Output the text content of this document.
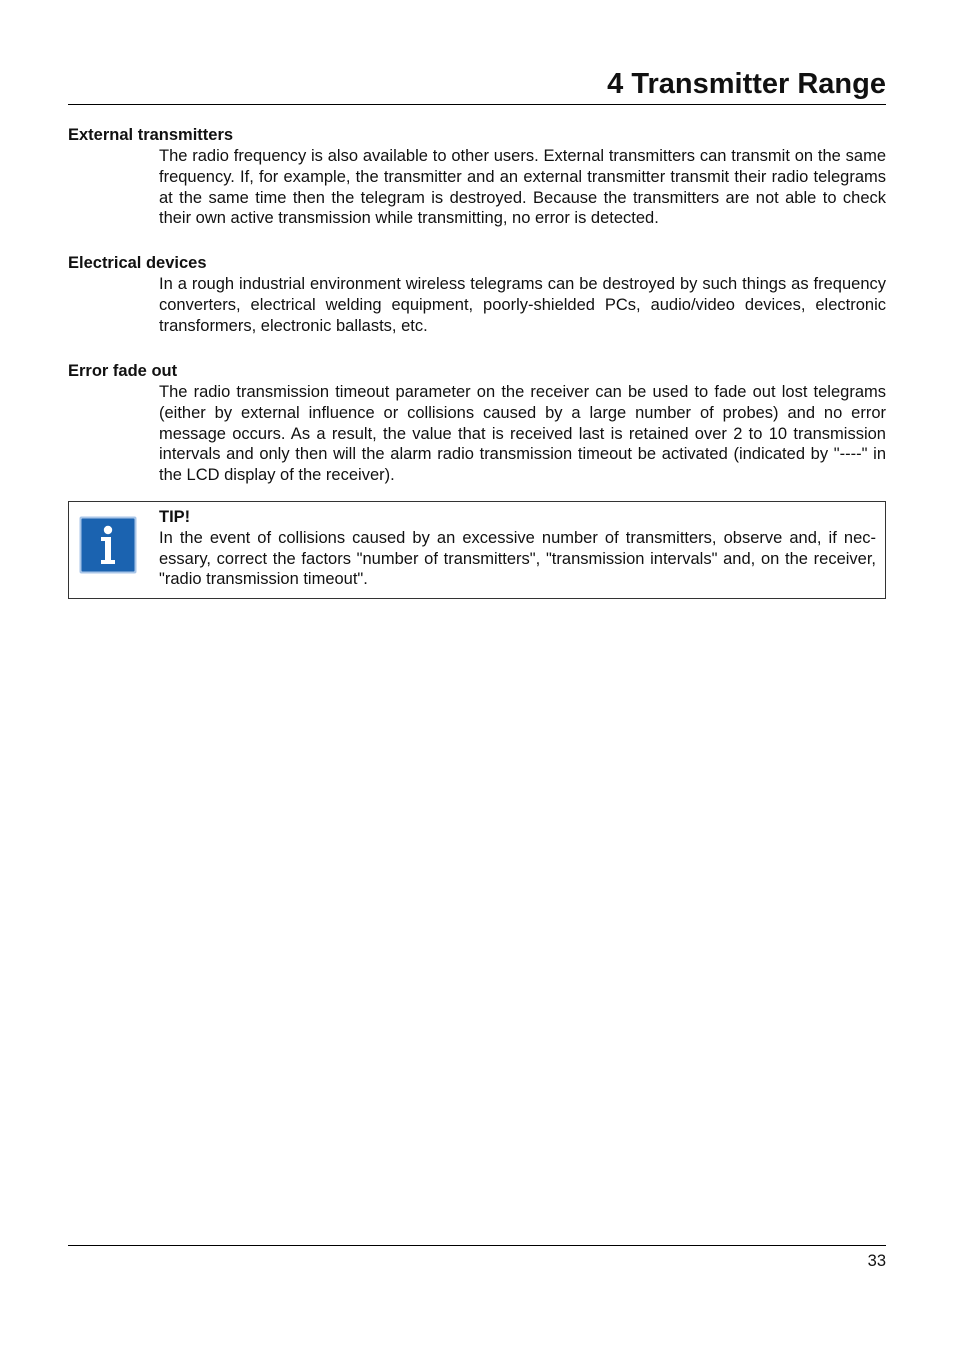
4 Transmitter Range
External transmitters

The radio frequency is also available to other users. External transmitters can transmit on the same frequency. If, for example, the transmitter and an external transmitter transmit their radio telegrams at the same time then the telegram is destroyed. Because the transmitters are not able to check their own active transmission while transmitting, no error is detected.

Electrical devices

In a rough industrial environment wireless telegrams can be destroyed by such things as frequency converters, electrical welding equipment, poorly-shielded PCs, audio/video devices, electronic transformers, electronic ballasts, etc.

Error fade out

The radio transmission timeout parameter on the receiver can be used to fade out lost telegrams (either by external influence or collisions caused by a large number of probes) and no error message occurs. As a result, the value that is received last is retained over 2 to 10 transmission intervals and only then will the alarm radio transmission timeout be activated (indicated by "----" in the LCD display of the receiver).

TIP!

In the event of collisions caused by an excessive number of transmitters, observe and, if necessary, correct the factors "number of transmitters", "transmission intervals" and, on the receiver, "radio transmission timeout".

33
